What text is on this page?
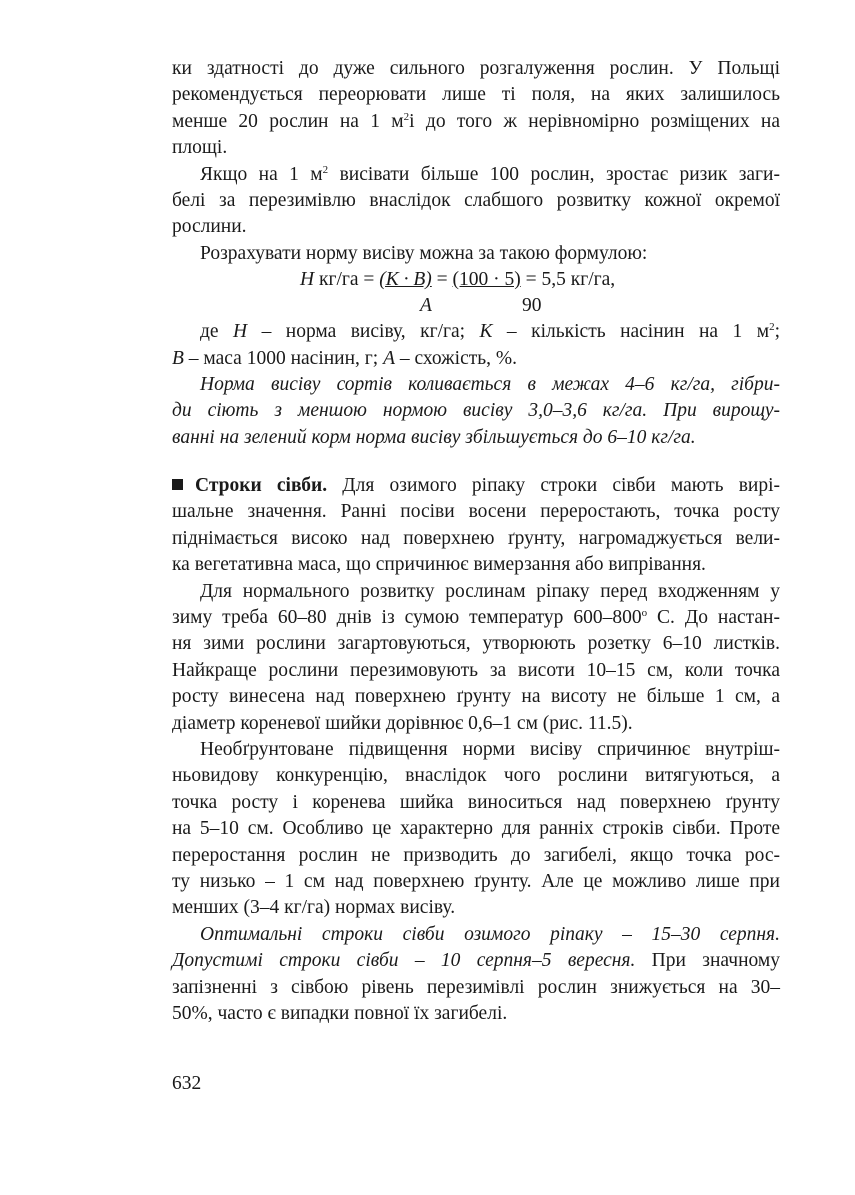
ки здатності до дуже сильного розгалуження рослин. У Польщі
рекомендується переорювати лише ті поля, на яких залишилось
менше 20 рослин на 1 $м^2і$ до того ж нерівномірно розміщених на
площі.
Якщо на 1 $м^2$ висівати більше 100 рослин, зростає ризик заги-
белі за перезимівлю внаслідок слабшого розвитку кожної окремої
рослини.
Розрахувати норму висіву можна за такою формулою:
Н кг/га = (К · В) = (100 · 5) = 5,5 кг/га,
А	90
де Н – норма висіву, кг/га; К – кількість насінин на 1 $м^2$;
В – маса 1000 насінин, г; А – схожість, %.
Норма висіву сортів коливається в межах 4–6 кг/га, гібри-
ди сіють з меншою нормою висіву 3,0–3,6 кг/га. При вирощу-
ванні на зелений корм норма висіву збільшується до 6–10 кг/га.
Строки сівби. Для озимого ріпаку строки сівби мають вирі-
шальне значення. Ранні посіви восени переростають, точка росту
піднімається високо над поверхнею ґрунту, нагромаджується вели-
ка вегетативна маса, що спричинює вимерзання або випрівання.
Для нормального розвитку рослинам ріпаку перед входженням у
зиму треба 60–80 днів із сумою температур $600-800^о$ С. До настан-
ня зими рослини загартовуються, утворюють розетку 6–10 листків.
Найкраще рослини перезимовують за висоти 10–15 см, коли точка
росту винесена над поверхнею ґрунту на висоту не більше 1 см, а
діаметр кореневої шийки дорівнює 0,6–1 см (рис. 11.5).
Необґрунтоване підвищення норми висіву спричинює внутріш-
ньовидову конкуренцію, внаслідок чого рослини витягуються, а
точка росту і коренева шийка виноситься над поверхнею ґрунту
на 5–10 см. Особливо це характерно для ранніх строків сівби. Проте
переростання рослин не призводить до загибелі, якщо точка рос-
ту низько – 1 см над поверхнею ґрунту. Але це можливо лише при
менших (3–4 кг/га) нормах висіву.
Оптимальні строки сівби озимого ріпаку – 15–30 серпня.
Допустимі строки сівби – 10 серпня–5 вересня. При значному
запізненні з сівбою рівень перезимівлі рослин знижується на 30–
50%, часто є випадки повної їх загибелі.
632
